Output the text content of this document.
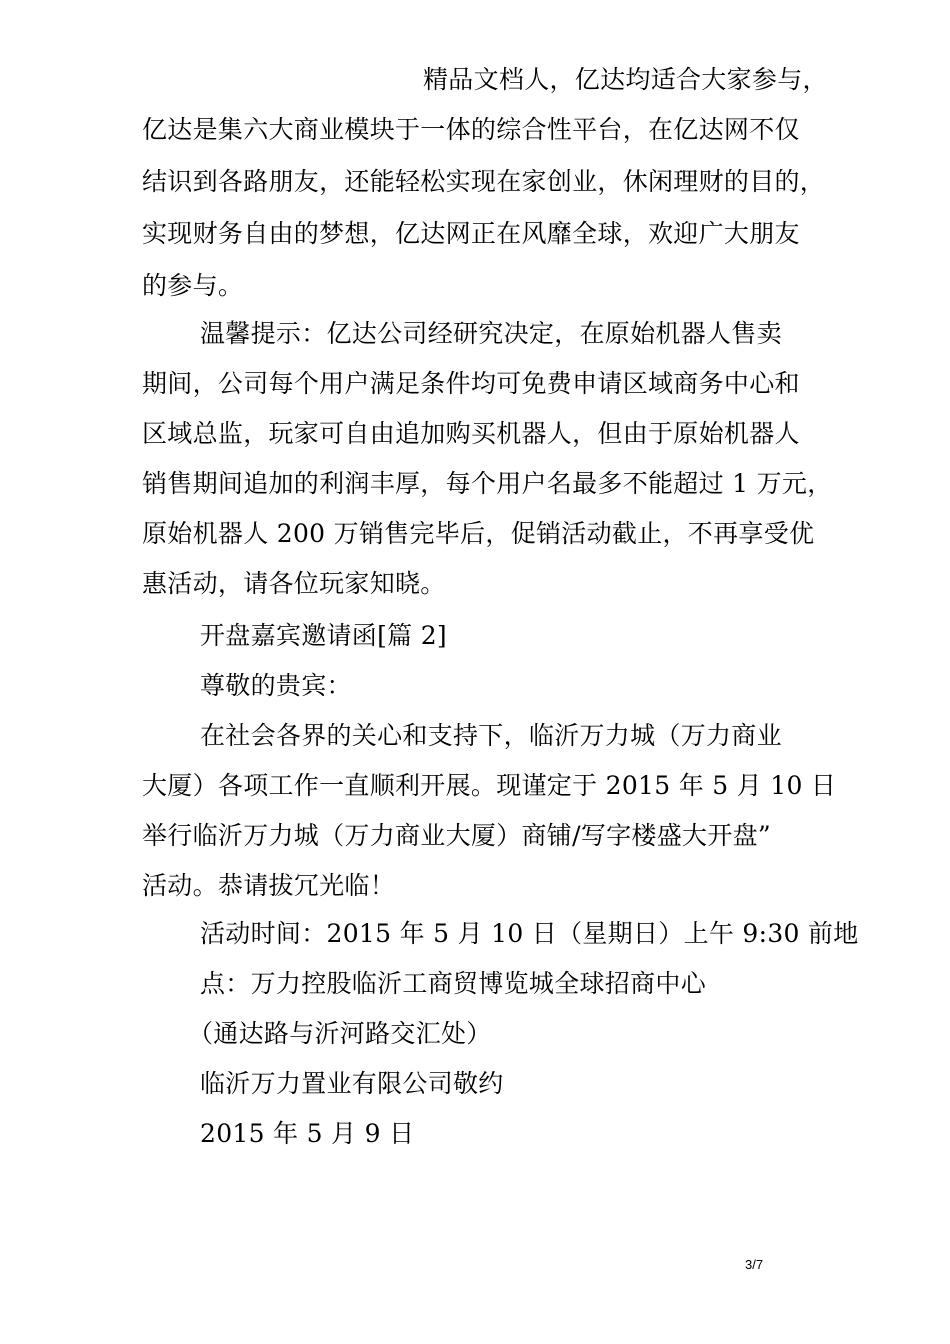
精品文档人，亿达均适合大家参与，
亿达是集六大商业模块于一体的综合性平台，在亿达网不仅
结识到各路朋友，还能轻松实现在家创业，休闲理财的目的，
实现财务自由的梦想，亿达网正在风靡全球，欢迎广大朋友
的参与。
温馨提示：亿达公司经研究决定，在原始机器人售卖
期间，公司每个用户满足条件均可免费申请区域商务中心和
区域总监，玩家可自由追加购买机器人，但由于原始机器人
销售期间追加的利润丰厚，每个用户名最多不能超过 1 万元，
原始机器人 200 万销售完毕后，促销活动截止，不再享受优
惠活动，请各位玩家知晓。
开盘嘉宾邀请函[篇 2]
尊敬的贵宾：
在社会各界的关心和支持下，临沂万力城（万力商业
大厦）各项工作一直顺利开展。现谨定于 2015 年 5 月 10 日
举行临沂万力城（万力商业大厦）商铺/写字楼盛大开盘”
活动。恭请拔冗光临！
活动时间：2015 年 5 月 10 日（星期日）上午 9:30 前地
点：万力控股临沂工商贸博览城全球招商中心
（通达路与沂河路交汇处）
临沂万力置业有限公司敬约
2015 年 5 月 9 日
3/7
